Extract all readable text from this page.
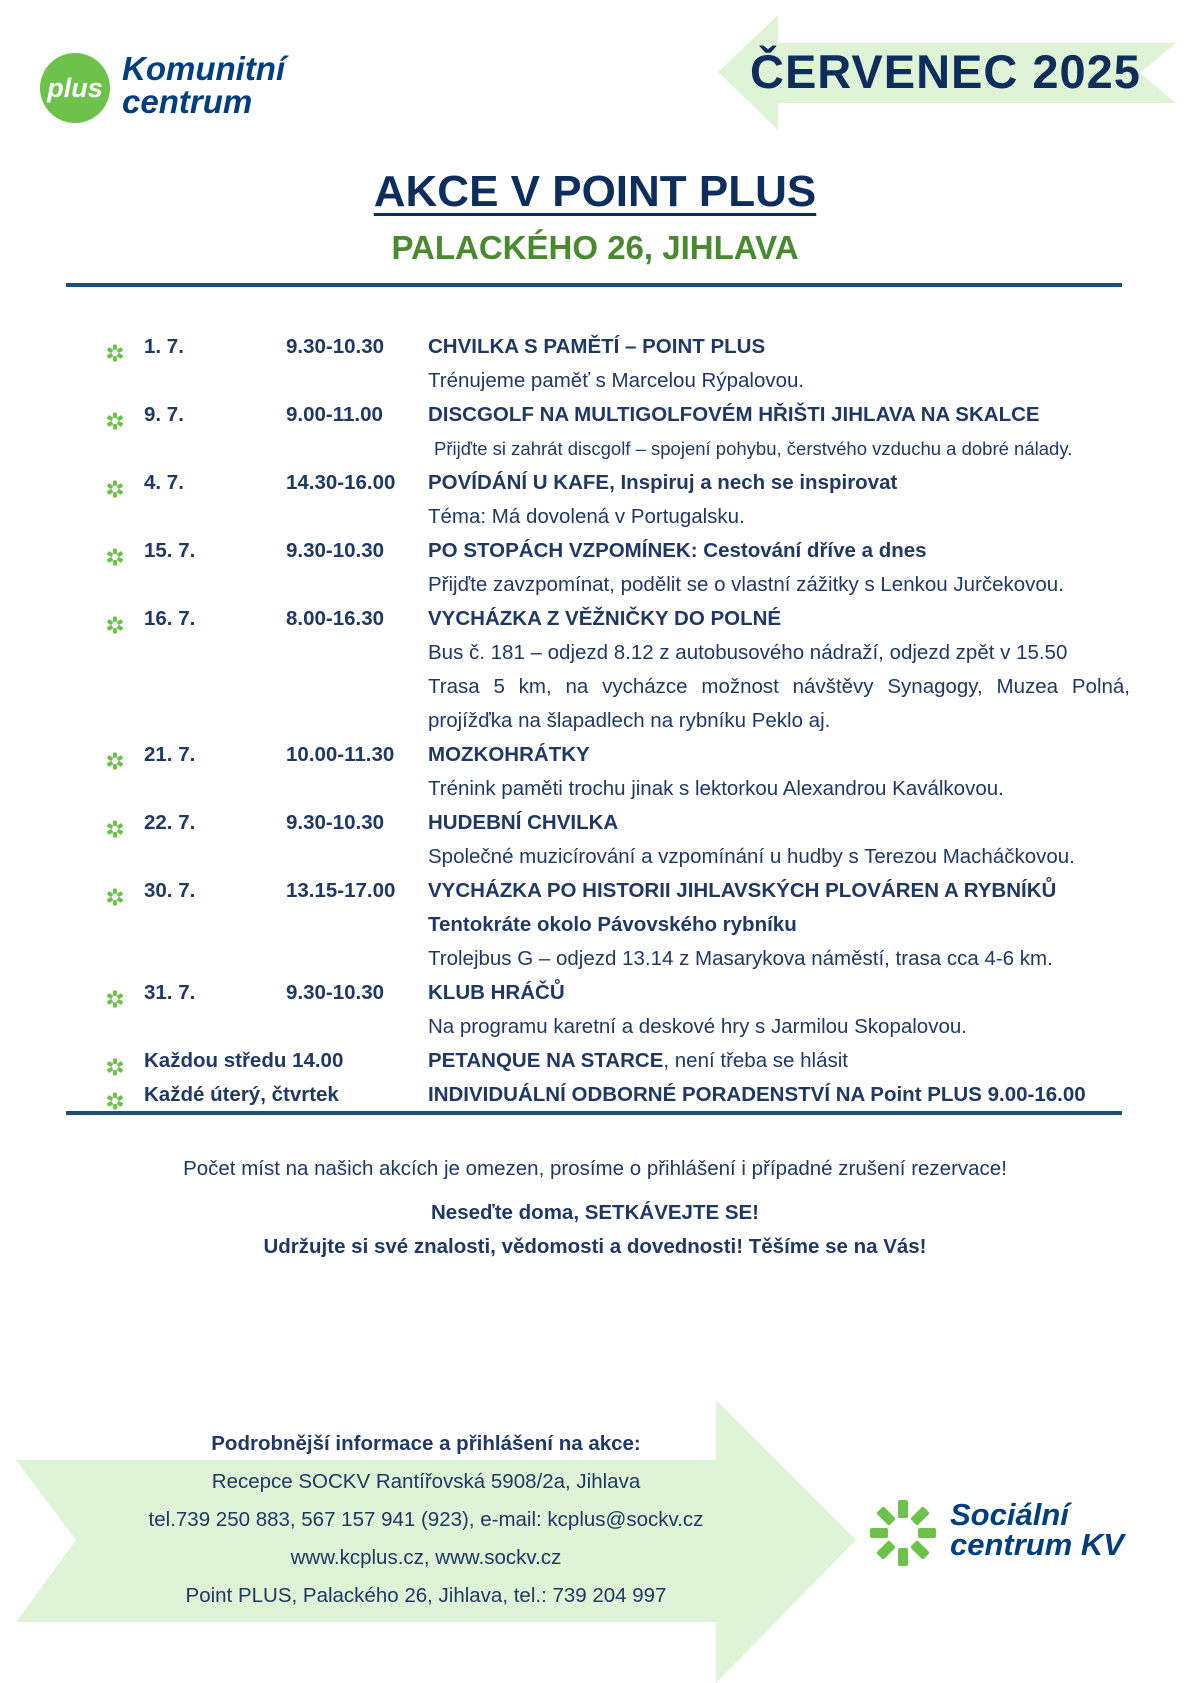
plus
Komunitní
centrum
ČERVENEC 2025
AKCE V POINT PLUS
PALACKÉHO 26, JIHLAVA
1. 7.	9.30-10.30 CHVILKA S PAMĚTÍ – POINT PLUS
Trénujeme paměť s Marcelou Rýpalovou.
9. 7.	9.00-11.00 DISCGOLF NA MULTIGOLFOVÉM HŘIŠTI JIHLAVA NA SKALCE
Přijďte si zahrát discgolf – spojení pohybu, čerstvého vzduchu a dobré nálady.
4. 7.	14.30-16.00 POVÍDÁNÍ U KAFE, Inspiruj a nech se inspirovat
Téma: Má dovolená v Portugalsku.
15. 7.	9.30-10.30 PO STOPÁCH VZPOMÍNEK: Cestování dříve a dnes
Přijďte zavzpomínat, podělit se o vlastní zážitky s Lenkou Jurčekovou.
16. 7.	8.00-16.30 VYCHÁZKA Z VĚŽNIČKY DO POLNÉ
Bus č. 181 – odjezd 8.12 z autobusového nádraží, odjezd zpět v 15.50
Trasa 5 km, na vycházce možnost návštěvy Synagogy, Muzea Polná,
projížďka na šlapadlech na rybníku Peklo aj.
21. 7.	10.00-11.30 MOZKOHRÁTKY
Trénink paměti trochu jinak s lektorkou Alexandrou Kaválkovou.
22. 7.	9.30-10.30 HUDEBNÍ CHVILKA
Společné muzicírování a vzpomínání u hudby s Terezou Macháčkovou.
30. 7.	13.15-17.00 VYCHÁZKA PO HISTORII JIHLAVSKÝCH PLOVÁREN A RYBNÍKŮ
Tentokráte okolo Pávovského rybníku
Trolejbus G – odjezd 13.14 z Masarykova náměstí, trasa cca 4-6 km.
31. 7.	9.30-10.30 KLUB HRÁČŮ
Na programu karetní a deskové hry s Jarmilou Skopalovou.
Každou středu 14.00	PETANQUE NA STARCE, není třeba se hlásit
Každé úterý, čtvrtek	INDIVIDUÁLNÍ ODBORNÉ PORADENSTVÍ NA Point PLUS 9.00-16.00
Počet míst na našich akcích je omezen, prosíme o přihlášení i případné zrušení rezervace!
Neseďte doma, SETKÁVEJTE SE!
Udržujte si své znalosti, vědomosti a dovednosti! Těšíme se na Vás!
Podrobnější informace a přihlášení na akce:
Recepce SOCKV Rantířovská 5908/2a, Jihlava
tel.739 250 883, 567 157 941 (923), e-mail: kcplus@sockv.cz
www.kcplus.cz, www.sockv.cz
Point PLUS, Palackého 26, Jihlava, tel.: 739 204 997
Sociální
centrum KV
